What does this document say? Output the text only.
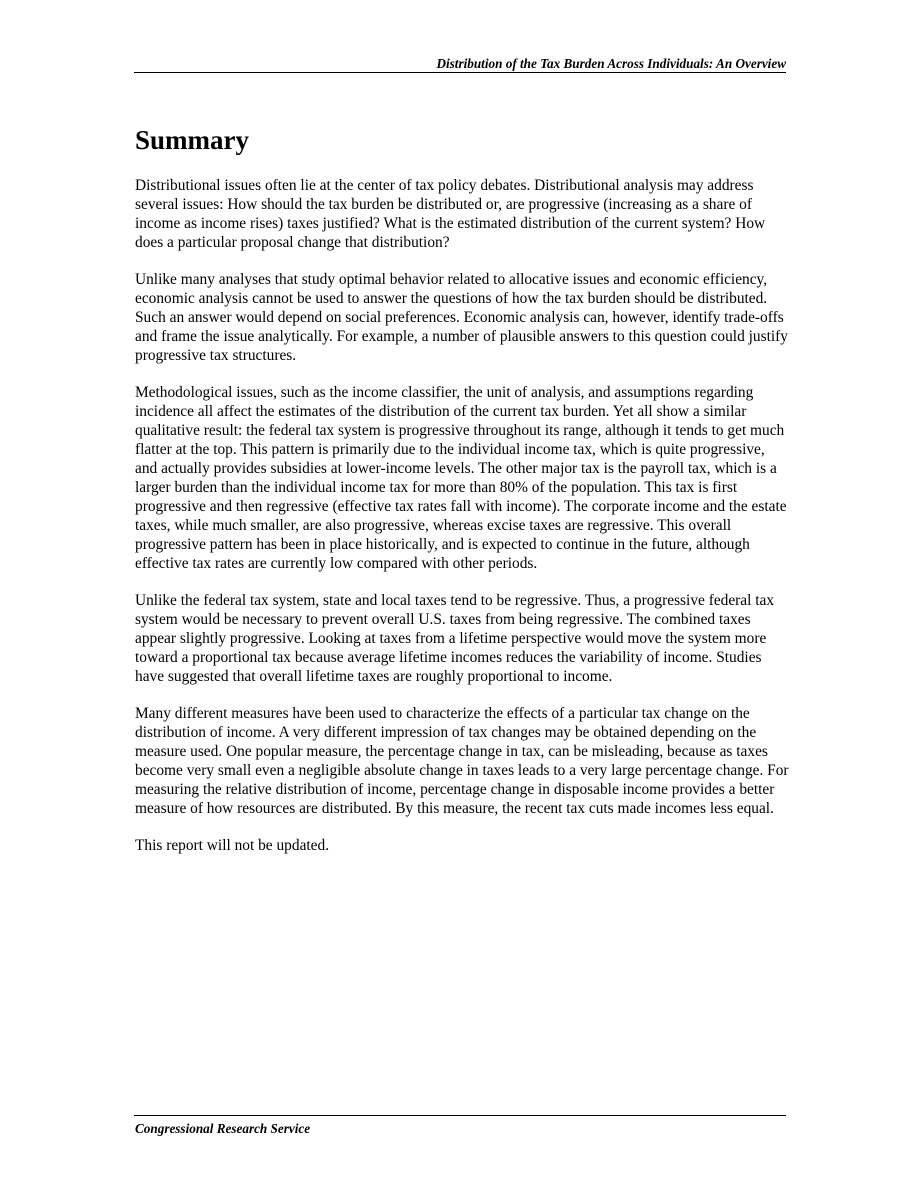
Distribution of the Tax Burden Across Individuals: An Overview
Summary

Distributional issues often lie at the center of tax policy debates. Distributional analysis may address several issues: How should the tax burden be distributed or, are progressive (increasing as a share of income as income rises) taxes justified? What is the estimated distribution of the current system? How does a particular proposal change that distribution?

Unlike many analyses that study optimal behavior related to allocative issues and economic efficiency, economic analysis cannot be used to answer the questions of how the tax burden should be distributed. Such an answer would depend on social preferences. Economic analysis can, however, identify trade-offs and frame the issue analytically. For example, a number of plausible answers to this question could justify progressive tax structures.

Methodological issues, such as the income classifier, the unit of analysis, and assumptions regarding incidence all affect the estimates of the distribution of the current tax burden. Yet all show a similar qualitative result: the federal tax system is progressive throughout its range, although it tends to get much flatter at the top. This pattern is primarily due to the individual income tax, which is quite progressive, and actually provides subsidies at lower-income levels. The other major tax is the payroll tax, which is a larger burden than the individual income tax for more than 80% of the population. This tax is first progressive and then regressive (effective tax rates fall with income). The corporate income and the estate taxes, while much smaller, are also progressive, whereas excise taxes are regressive. This overall progressive pattern has been in place historically, and is expected to continue in the future, although effective tax rates are currently low compared with other periods.

Unlike the federal tax system, state and local taxes tend to be regressive. Thus, a progressive federal tax system would be necessary to prevent overall U.S. taxes from being regressive. The combined taxes appear slightly progressive. Looking at taxes from a lifetime perspective would move the system more toward a proportional tax because average lifetime incomes reduces the variability of income. Studies have suggested that overall lifetime taxes are roughly proportional to income.

Many different measures have been used to characterize the effects of a particular tax change on the distribution of income. A very different impression of tax changes may be obtained depending on the measure used. One popular measure, the percentage change in tax, can be misleading, because as taxes become very small even a negligible absolute change in taxes leads to a very large percentage change. For measuring the relative distribution of income, percentage change in disposable income provides a better measure of how resources are distributed. By this measure, the recent tax cuts made incomes less equal.

This report will not be updated.

Congressional Research Service
